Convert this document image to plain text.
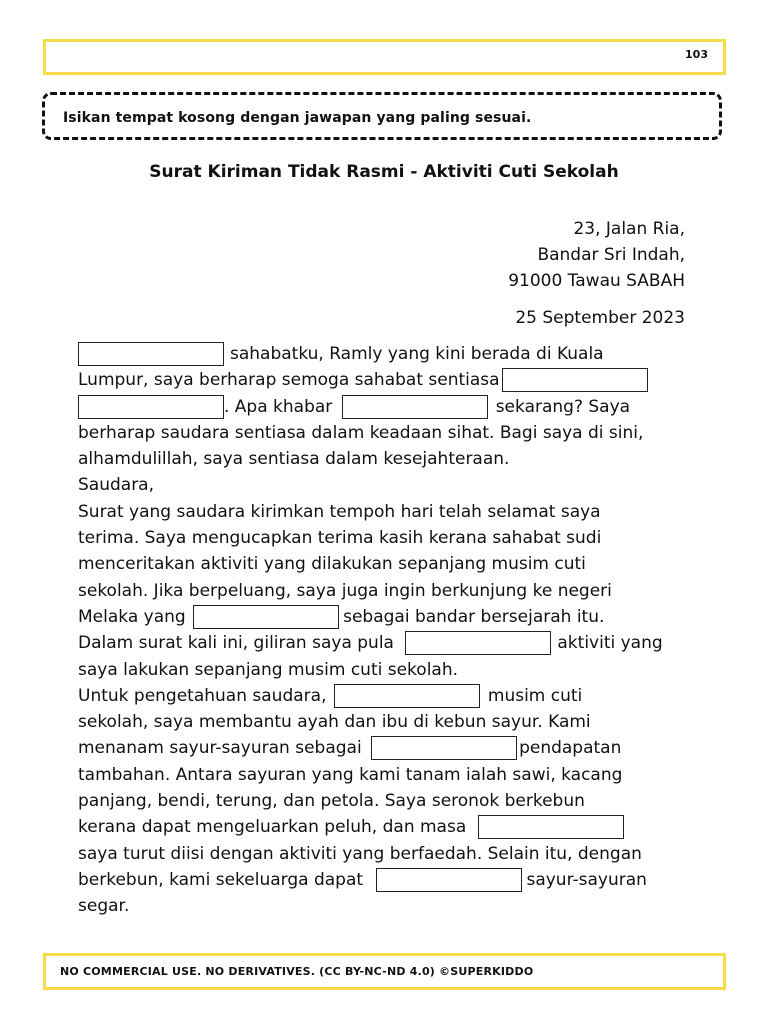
103
Isikan tempat kosong dengan jawapan yang paling sesuai.
Surat Kiriman Tidak Rasmi - Aktiviti Cuti Sekolah
23, Jalan Ria,
Bandar Sri Indah,
91000 Tawau SABAH
25 September 2023
sahabatku, Ramly yang kini berada di Kuala
Lumpur, saya berharap semoga sahabat sentiasa
. Apa khabar	sekarang? Saya
berharap saudara sentiasa dalam keadaan sihat. Bagi saya di sini,
alhamdulillah, saya sentiasa dalam kesejahteraan.
Saudara,
Surat yang saudara kirimkan tempoh hari telah selamat saya
terima. Saya mengucapkan terima kasih kerana sahabat sudi
menceritakan aktiviti yang dilakukan sepanjang musim cuti
sekolah. Jika berpeluang, saya juga ingin berkunjung ke negeri
Melaka yang	sebagai bandar bersejarah itu.
Dalam surat kali ini, giliran saya pula	aktiviti yang
saya lakukan sepanjang musim cuti sekolah.
Untuk pengetahuan saudara,	musim cuti
sekolah, saya membantu ayah dan ibu di kebun sayur. Kami
menanam sayur-sayuran sebagai	pendapatan
tambahan. Antara sayuran yang kami tanam ialah sawi, kacang
panjang, bendi, terung, dan petola. Saya seronok berkebun
kerana dapat mengeluarkan peluh, dan masa
saya turut diisi dengan aktiviti yang berfaedah. Selain itu, dengan
berkebun, kami sekeluarga dapat	sayur-sayuran
segar.
NO COMMERCIAL USE. NO DERIVATIVES. (CC BY-NC-ND 4.0) ©SUPERKIDDO
